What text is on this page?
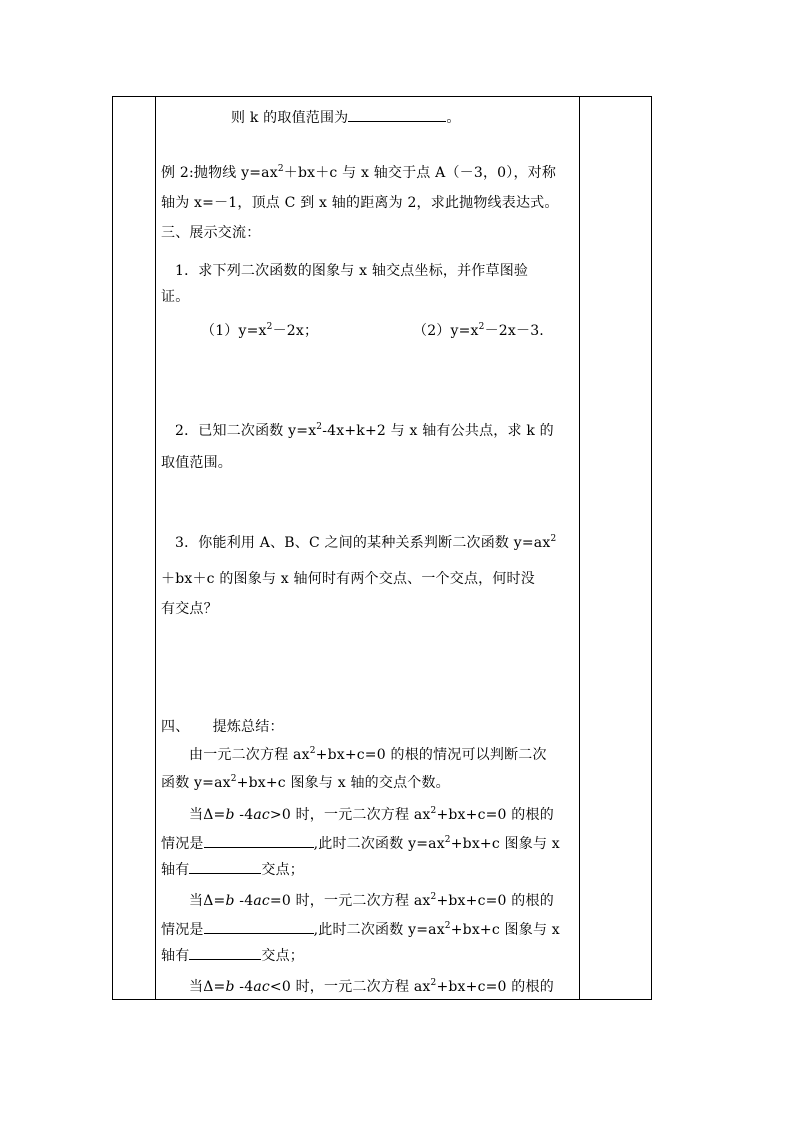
则 k 的取值范围为	。
例 2:抛物线 $y=ax^2+bx+c$ 与 x 轴交于点 A（－3，0），对称
轴为 x=－1，顶点 C 到 x 轴的距离为 2，求此抛物线表达式。
三、展示交流：
1．求下列二次函数的图象与 x 轴交点坐标，并作草图验
证。
$(1)y=x^2-2x$；	$(2)y=x^2-2x-3$.
2．已知二次函数 $y=x^2-4x+k+2$ 与 x 轴有公共点，求 k 的
取值范围。
3．你能利用 A、B、C 之间的某种关系判断二次函数 $y=ax^2$
＋bx＋c 的图象与 x 轴何时有两个交点、一个交点，何时没
有交点？
四、     提炼总结：
由一元二次方程 $ax^2+bx+c=0$ 的根的情况可以判断二次
函数 $y=ax^2+bx+c$ 图象与 x 轴的交点个数。
当Δ=b -4ac>0 时，一元二次方程 $ax^2+bx+c=0$ 的根的
情况是	,此时二次函数 $y=ax^2+bx+c$ 图象与 x
轴有	交点；
当Δ=b -4ac=0 时，一元二次方程 $ax^2+bx+c=0$ 的根的
情况是	,此时二次函数 $y=ax^2+bx+c$ 图象与 x
轴有	交点；
当Δ=b -4ac<0 时，一元二次方程 $ax^2+bx+c=0$ 的根的
